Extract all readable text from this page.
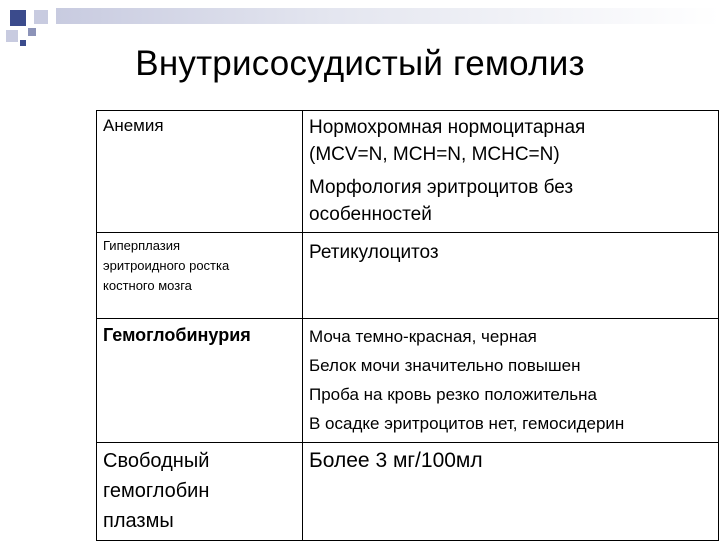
Внутрисосудистый гемолиз
Анемия	Нормохромная нормоцитарная
(MCV=N, MCH=N, MCHC=N)
Морфология эритроцитов без
особенностей

Гиперплазия
эритроидного ростка
костного мозга	Ретикулоцитоз

Гемоглобинурия	Моча темно-красная, черная
Белок мочи значительно повышен
Проба на кровь резко положительна
В осадке эритроцитов нет, гемосидерин

Свободный
гемоглобин
плазмы	Более 3 мг/100мл
